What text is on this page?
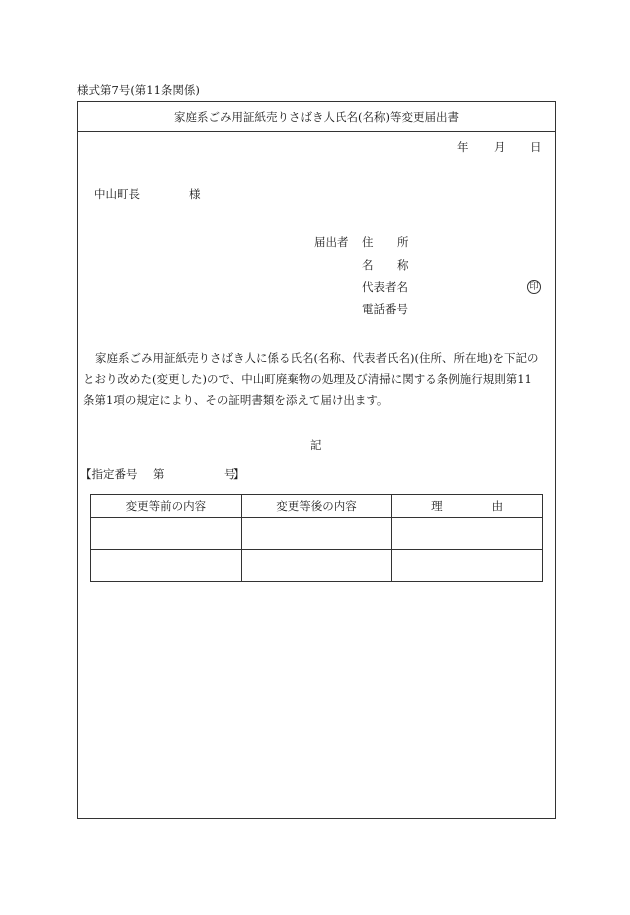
様式第7号(第11条関係)
家庭系ごみ用証紙売りさばき人氏名(名称)等変更届出書
年 月 日
中山町長	様
届出者 住 所
名 称
代表者名	印
電話番号

家庭系ごみ用証紙売りさばき人に係る氏名(名称、代表者氏名)(住所、所在地)を下記の
とおり改めた(変更した)ので、中山町廃棄物の処理及び清掃に関する条例施行規則第11
条第1項の規定により、その証明書類を添えて届け出ます。

記
【指定番号 第	号
】
変更等前の内容	変更等後の内容	理 由
